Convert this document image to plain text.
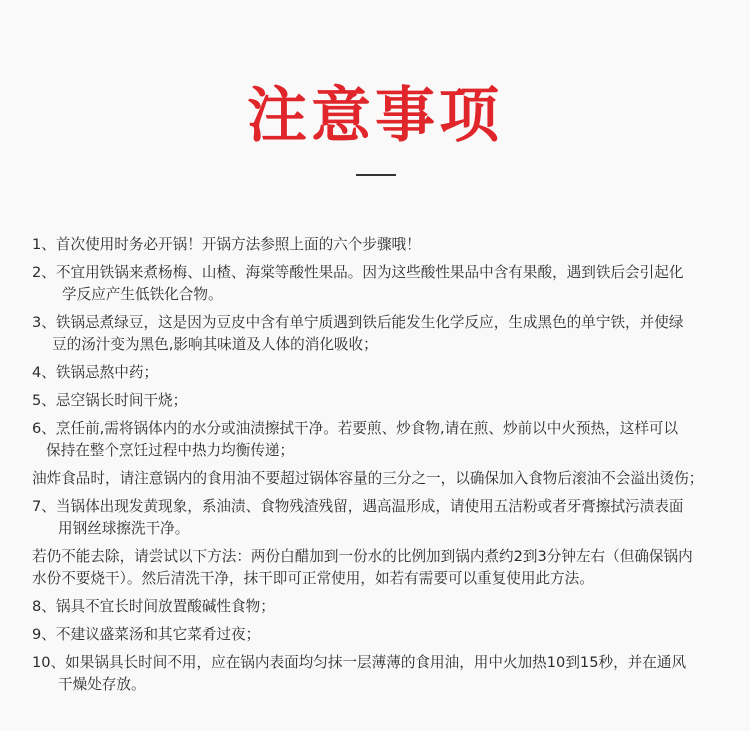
注意事项

1、首次使用时务必开锅！开锅方法参照上面的六个步骤哦！

2、不宜用铁锅来煮杨梅、山楂、海棠等酸性果品。因为这些酸性果品中含有果酸，遇到铁后会引起化

学反应产生低铁化合物。

3、铁锅忌煮绿豆，这是因为豆皮中含有单宁质遇到铁后能发生化学反应，生成黑色的单宁铁，并使绿

豆的汤汁变为黑色,影响其味道及人体的消化吸收；

4、铁锅忌熬中药；

5、忌空锅长时间干烧；

6、烹任前,需将锅体内的水分或油渍擦拭干净。若要煎、炒食物,请在煎、炒前以中火预热，这样可以

保持在整个烹饪过程中热力均衡传递；

油炸食品时，请注意锅内的食用油不要超过锅体容量的三分之一，以确保加入食物后滚油不会溢出烫伤；

7、当锅体出现发黄现象，系油渍、食物残渣残留，遇高温形成，请使用五洁粉或者牙膏擦拭污渍表面

用钢丝球擦洗干净。

若仍不能去除，请尝试以下方法：两份白醋加到一份水的比例加到锅内煮约2到3分钟左右（但确保锅内

水份不要烧干）。然后清洗干净，抹干即可正常使用，如若有需要可以重复使用此方法。

8、锅具不宜长时间放置酸碱性食物；

9、不建议盛菜汤和其它菜肴过夜；

10、如果锅具长时间不用，应在锅内表面均匀抹一层薄薄的食用油，用中火加热10到15秒，并在通风

干燥处存放。
